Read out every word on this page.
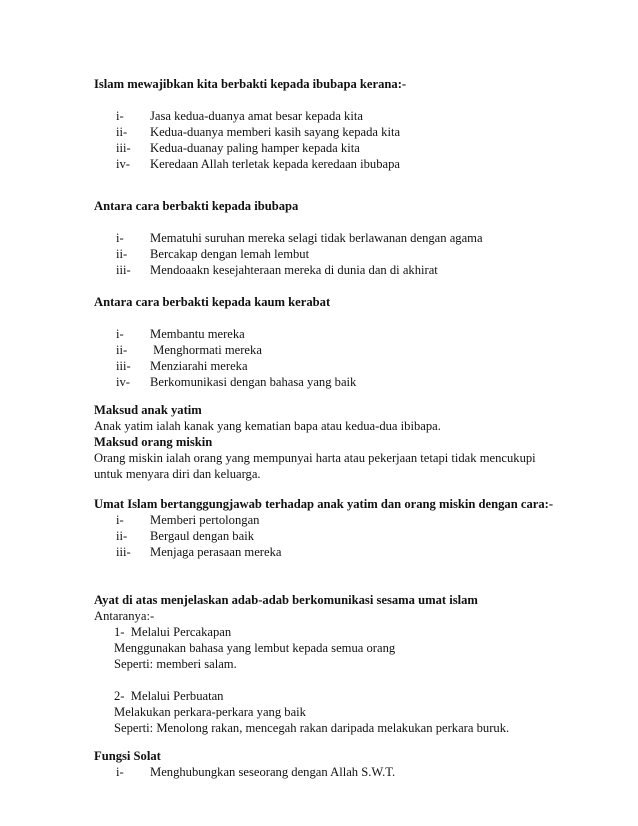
Islam mewajibkan kita berbakti kepada ibubapa kerana:-

i-	Jasa kedua-duanya amat besar kepada kita
ii-	Kedua-duanya memberi kasih sayang kepada kita
iii-	Kedua-duanay paling hamper kepada kita
iv-	Keredaan Allah terletak kepada keredaan ibubapa

Antara cara berbakti kepada ibubapa

i-	Mematuhi suruhan mereka selagi tidak berlawanan dengan agama
ii-	Bercakap dengan lemah lembut
iii-	Mendoaakn kesejahteraan mereka di dunia dan di akhirat

Antara cara berbakti kepada kaum kerabat

i-	Membantu mereka
ii-	Menghormati mereka
iii-	Menziarahi mereka
iv-	Berkomunikasi dengan bahasa yang baik

Maksud anak yatim

Anak yatim ialah kanak yang kematian bapa atau kedua-dua ibibapa.

Maksud orang miskin

Orang miskin ialah orang yang mempunyai harta atau pekerjaan tetapi tidak mencukupi untuk menyara diri dan keluarga.

Umat Islam bertanggungjawab terhadap anak yatim dan orang miskin dengan cara:-

i-	Memberi pertolongan
ii-	Bergaul dengan baik
iii-	Menjaga perasaan mereka

Ayat di atas menjelaskan adab-adab berkomunikasi sesama umat islam

Antaranya:-

1-  Melalui Percakapan
Menggunakan bahasa yang lembut kepada semua orang
Seperti: memberi salam.
2-  Melalui Perbuatan
Melakukan perkara-perkara yang baik
Seperti: Menolong rakan, mencegah rakan daripada melakukan perkara buruk.

Fungsi Solat

i-	Menghubungkan seseorang dengan Allah S.W.T.
